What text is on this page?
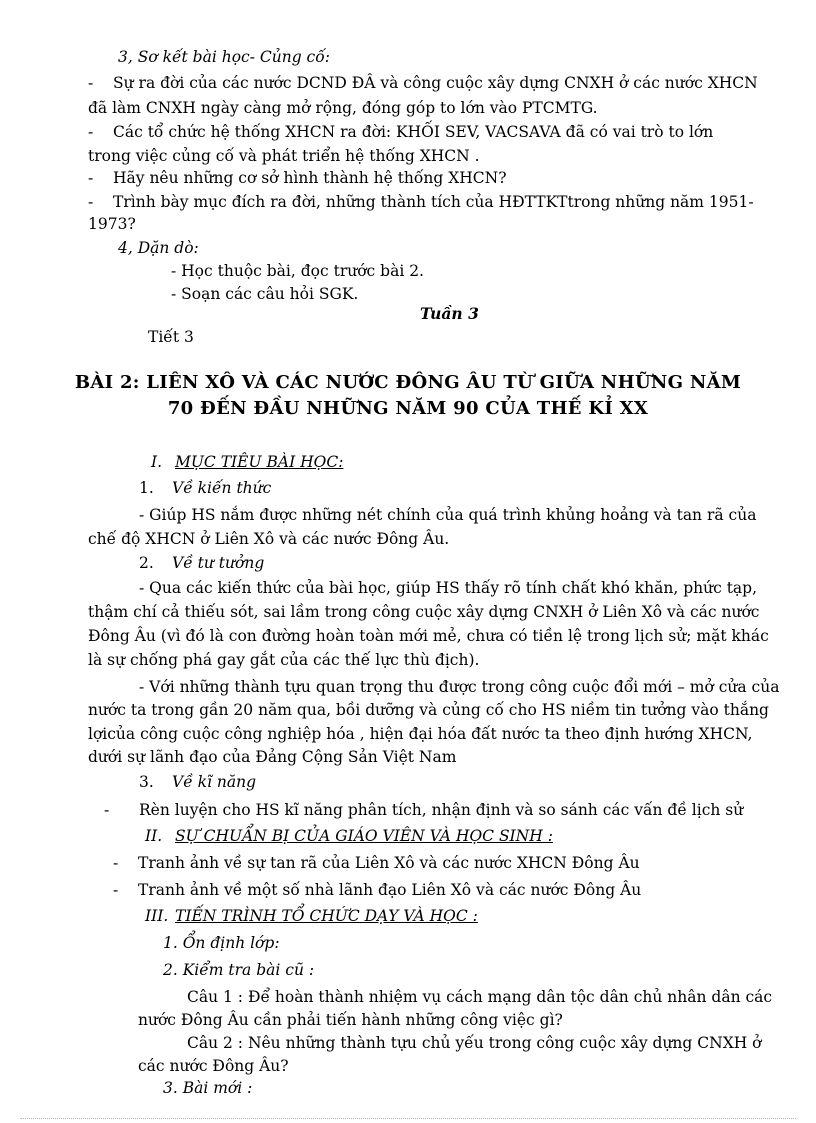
3, Sơ kết bài học- Củng cố:
- Sự ra đời của các nước DCND ĐÂ và công cuộc xây dựng CNXH ở các nước XHCN
đã làm CNXH ngày càng mở rộng, đóng góp to lớn vào PTCMTG.
- Các tổ chức hệ thống XHCN ra đời: KHỐI SEV, VACSAVA đã có vai trò to lớn
trong việc củng cố và phát triển hệ thống XHCN .
- Hãy nêu những cơ sở hình thành hệ thống XHCN?
- Trình bày mục đích ra đời, những thành tích của HĐTTKTtrong những năm 1951-
1973?
4, Dặn dò:
- Học thuộc bài, đọc trước bài 2.
- Soạn các câu hỏi SGK.
Tuần 3
Tiết 3
BÀI 2: LIÊN XÔ VÀ CÁC NƯỚC ĐÔNG ÂU TỪ GIỮA NHỮNG NĂM
70 ĐẾN ĐẦU NHỮNG NĂM 90 CỦA THẾ KỈ XX
I. MỤC TIÊU BÀI HỌC:
1. Về kiến thức
- Giúp HS nắm được những nét chính của quá trình khủng hoảng và tan rã của
chế độ XHCN ở Liên Xô và các nước Đông Âu.
2. Về tư tưởng
- Qua các kiến thức của bài học, giúp HS thấy rõ tính chất khó khăn, phức tạp,
thậm chí cả thiếu sót, sai lầm trong công cuộc xây dựng CNXH ở Liên Xô và các nước
Đông Âu (vì đó là con đường hoàn toàn mới mẻ, chưa có tiền lệ trong lịch sử; mặt khác
là sự chống phá gay gắt của các thế lực thù địch).
- Với những thành tựu quan trọng thu được trong công cuộc đổi mới – mở cửa của
nước ta trong gần 20 năm qua, bồi dưỡng và củng cố cho HS niềm tin tưởng vào thắng
lợicủa công cuộc công nghiệp hóa , hiện đại hóa đất nước ta theo định hướng XHCN,
dưới sự lãnh đạo của Đảng Cộng Sản Việt Nam
3. Về kĩ năng
- Rèn luyện cho HS kĩ năng phân tích, nhận định và so sánh các vấn đề lịch sử
II. SỰ CHUẨN BỊ CỦA GIÁO VIÊN VÀ HỌC SINH :
- Tranh ảnh về sự tan rã của Liên Xô và các nước XHCN Đông Âu
- Tranh ảnh về một số nhà lãnh đạo Liên Xô và các nước Đông Âu
III. TIẾN TRÌNH TỔ CHỨC DẠY VÀ HỌC :
1. Ổn định lớp:
2. Kiểm tra bài cũ :
Câu 1 : Để hoàn thành nhiệm vụ cách mạng dân tộc dân chủ nhân dân các
nước Đông Âu cần phải tiến hành những công việc gì?
Câu 2 : Nêu những thành tựu chủ yếu trong công cuộc xây dựng CNXH ở
các nước Đông Âu?
3. Bài mới :
